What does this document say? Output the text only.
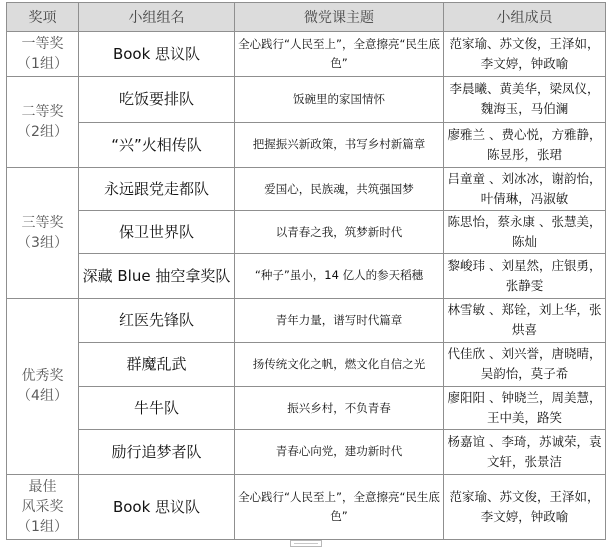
奖项	小组组名	微党课主题	小组成员

一等奖
（1组）	Book 思议队	全心践行“人民至上”，全意擦亮“民生底色”	范家瑜、苏文俊，王泽如，李文婷，钟政喻

二等奖
（2组）	吃饭要排队	饭碗里的家国情怀	李晨曦、黄美华，梁凤仪，魏海玉，马伯澜
	“兴”火相传队	把握振兴新政策，书写乡村新篇章	廖雅兰 、费心悦，方雅静，陈昱彤，张珺

三等奖
（3组）	永远跟党走都队	爱国心，民族魂，共筑强国梦	吕童童 、刘冰冰，谢韵怡，叶倩琳，冯淑敏
	保卫世界队	以青春之我，筑梦新时代	陈思怡，蔡永康 、张慧美，陈灿
	深藏 Blue 抽空拿奖队	“种子”虽小，14 亿人的参天稻穗	黎峻玮 、刘星然，庄银勇，张静雯

优秀奖
（4组）	红医先锋队	青年力量，谱写时代篇章	林雪敏 、郑铨，刘上华，张烘喜
	群魔乱武	扬传统文化之帆，燃文化自信之光	代佳欣 、刘兴誉，唐晓晴，吴韵怡，莫子希
	牛牛队	振兴乡村，不负青春	廖阳阳 、钟晓兰，周美慧，王中美，路笑
	励行追梦者队	青春心向党，建功新时代	杨嘉谊 、李琦，苏诚荣，袁文轩，张景洁

最佳
风采奖
（1组）	Book 思议队	全心践行“人民至上”，全意擦亮“民生底色”	范家瑜、苏文俊，王泽如，李文婷，钟政喻
